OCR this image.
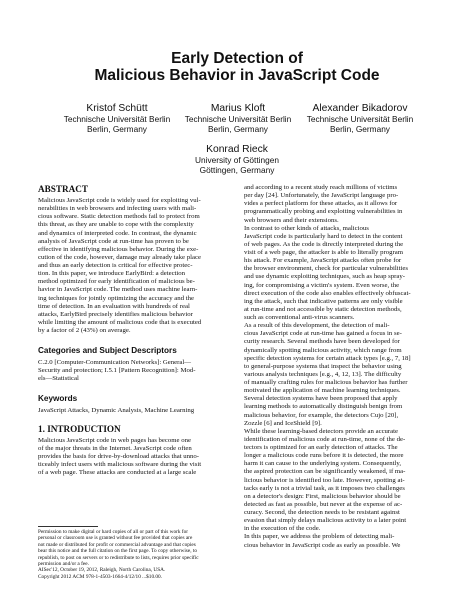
Early Detection of
Malicious Behavior in JavaScript Code
Kristof Schütt
Technische Universität Berlin
Berlin, Germany
Marius Kloft
Technische Universität Berlin
Berlin, Germany
Alexander Bikadorov
Technische Universität Berlin
Berlin, Germany
Konrad Rieck
University of Göttingen
Göttingen, Germany
ABSTRACT
Malicious JavaScript code is widely used for exploiting vul-
nerabilities in web browsers and infecting users with mali-
cious software. Static detection methods fail to protect from
this threat, as they are unable to cope with the complexity
and dynamics of interpreted code. In contrast, the dynamic
analysis of JavaScript code at run-time has proven to be
effective in identifying malicious behavior. During the exe-
cution of the code, however, damage may already take place
and thus an early detection is critical for effective protec-
tion. In this paper, we introduce EarlyBird: a detection
method optimized for early identification of malicious be-
havior in JavaScript code. The method uses machine learn-
ing techniques for jointly optimizing the accuracy and the
time of detection. In an evaluation with hundreds of real
attacks, EarlyBird precisely identifies malicious behavior
while limiting the amount of malicious code that is executed
by a factor of 2 (43%) on average.
Categories and Subject Descriptors
C.2.0 [Computer-Communication Networks]: General—
Security and protection; I.5.1 [Pattern Recognition]: Mod-
els—Statistical
Keywords
JavaScript Attacks, Dynamic Analysis, Machine Learning
1. INTRODUCTION
Malicious JavaScript code in web pages has become one
of the major threats in the Internet. JavaScript code often
provides the basis for drive-by-download attacks that unno-
ticeably infect users with malicious software during the visit
of a web page. These attacks are conducted at a large scale
Permission to make digital or hard copies of all or part of this work for
personal or classroom use is granted without fee provided that copies are
not made or distributed for profit or commercial advantage and that copies
bear this notice and the full citation on the first page. To copy otherwise, to
republish, to post on servers or to redistribute to lists, requires prior specific
permission and/or a fee.
AISec'12, October 19, 2012, Raleigh, North Carolina, USA.
Copyright 2012 ACM 978-1-4503-1664-4/12/10 ...$10.00.
and according to a recent study reach millions of victims
per day [24]. Unfortunately, the JavaScript language pro-
vides a perfect platform for these attacks, as it allows for
programmatically probing and exploiting vulnerabilities in
web browsers and their extensions.
In contrast to other kinds of attacks, malicious
JavaScript code is particularly hard to detect in the content
of web pages. As the code is directly interpreted during the
visit of a web page, the attacker is able to literally program
his attack. For example, JavaScript attacks often probe for
the browser environment, check for particular vulnerabilities
and use dynamic exploiting techniques, such as heap spray-
ing, for compromising a victim's system. Even worse, the
direct execution of the code also enables effectively obfuscat-
ing the attack, such that indicative patterns are only visible
at run-time and not accessible by static detection methods,
such as conventional anti-virus scanners.
As a result of this development, the detection of mali-
cious JavaScript code at run-time has gained a focus in se-
curity research. Several methods have been developed for
dynamically spotting malicious activity, which range from
specific detection systems for certain attack types [e.g., 7, 18]
to general-purpose systems that inspect the behavior using
various analysis techniques [e.g., 4, 12, 13]. The difficulty
of manually crafting rules for malicious behavior has further
motivated the application of machine learning techniques.
Several detection systems have been proposed that apply
learning methods to automatically distinguish benign from
malicious behavior, for example, the detectors Cujo [20],
Zozzle [6] and IceShield [9].
While these learning-based detectors provide an accurate
identification of malicious code at run-time, none of the de-
tectors is optimized for an early detection of attacks. The
longer a malicious code runs before it is detected, the more
harm it can cause to the underlying system. Consequently,
the aspired protection can be significantly weakened, if ma-
licious behavior is identified too late. However, spotting at-
tacks early is not a trivial task, as it imposes two challenges
on a detector's design: First, malicious behavior should be
detected as fast as possible, but never at the expense of ac-
curacy. Second, the detection needs to be resistant against
evasion that simply delays malicious activity to a later point
in the execution of the code.
In this paper, we address the problem of detecting mali-
cious behavior in JavaScript code as early as possible. We
